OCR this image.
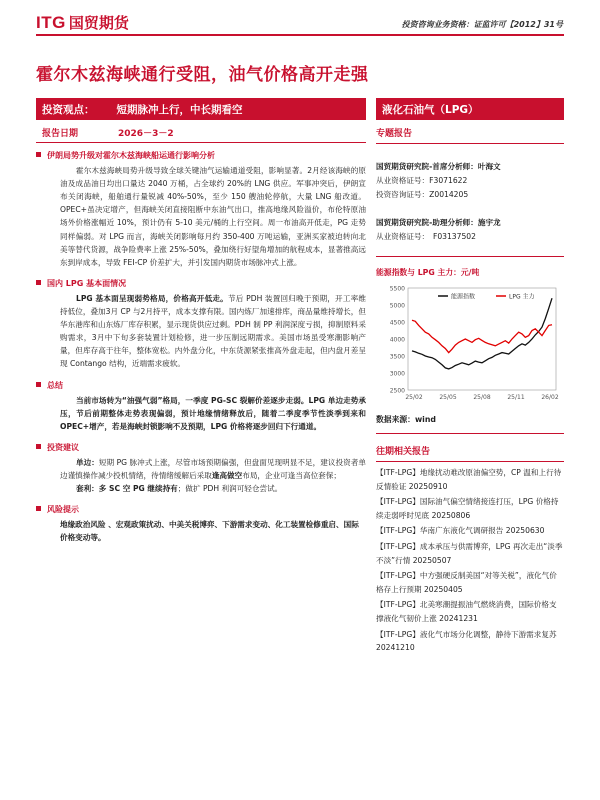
ITG 国贸期货	投资咨询业务资格：证监许可【2012】31号
霍尔木兹海峡通行受阻，油气价格高开走强
投资观点： 短期脉冲上行，中长期看空	液化石油气（LPG）
报告日期	2026－3－2
伊朗局势升级对霍尔木兹海峡船运通行影响分析
霍尔木兹海峡局势升级导致全球关键油气运输通道受阻，影响显著。2月经该海峡的原油及成品油日均出口量达 2040 万桶，占全球约 20%的 LNG 供应。军事冲突后，伊朗宣布关闭海峡，船舶通行量锐减 40%-50%，至少 150 艘油轮停航，大量 LNG 船改道。OPEC+虽决定增产，但海峡关闭直接阻断中东油气出口，推高地缘风险溢价，布伦特原油场外价格涨幅近 10%，预计仍有 5-10 美元/桶的上行空间。周一布油高开低走，PG 走势同样偏弱。对 LPG 而言，海峡关闭影响每月约 350-400 万吨运输，亚洲买家被迫转向北美等替代货源，战争险费率上涨 25%-50%，叠加绕行好望角增加的航程成本，显著推高远东到岸成本，导致 FEI-CP 价差扩大，并引发国内期货市场脉冲式上涨。
国内 LPG 基本面情况
LPG 基本面呈现弱势格局，价格高开低走。节后 PDH 装置回归晚于预期，开工率维持低位，叠加3月 CP 与2月持平，成本支撑有限。国内炼厂加速排库，商品量维持增长，但华东港库和山东炼厂库存积累，显示现货供应过剩。PDH 制 PP 利润深度亏损，抑制原料采购需求，3月中下旬多套装置计划检修，进一步压制远期需求。美国市场虽受寒潮影响产量，但库存高于往年，整体宽松。内外盘分化，中东货源紧张推高外盘走起，但内盘月差呈现 Contango 结构，近端需求疲软。
总结
当前市场转为“油强气弱”格局，一季度 PG-SC 裂解价差逐步走弱。LPG 单边走势承压，节后前期整体走势表现偏弱，预计地缘情绪释放后，随着二季度季节性淡季到来和 OPEC+增产，若是海峡封锁影响不及预期，LPG 价格将逐步回归下行通道。
投资建议
单边：短期 PG 脉冲式上涨，尽管市场预期偏强，但盘面见现明显不足，建议投资者单边谨慎操作减少投机情绪，待情绪缓解后采取逢高做空布局，企业可逢当高位套保；
套利：多 SC 空 PG 继续持有；做扩 PDH 利润可轻仓尝试。
风险提示
地缘政治风险 、宏观政策扰动、中美关税博弈、下游需求变动、化工装置检修重启、国际价格变动等。
专题报告
国贸期货研究院-首席分析师：叶海文
从业资格证号：F3071622
投资咨询证号：Z0014205
国贸期货研究院-助理分析师：施宇龙
从业资格证号：　F03137502
能源指数与 LPG 主力：元/吨
2500
3000
3500
4000
4500
5000
5500
25/02	25/05	25/08	25/11	26/02
能源指数	LPG 主力
数据来源：wind
往期相关报告
【ITF-LPG】地缘扰动难改原油偏空势，CP 温和上行待反情验证 20250910
【ITF-LPG】国际油气偏空情绪接连打压，LPG 价格持续走弱呼时见底 20250806
【ITF-LPG】华南广东液化气调研报告 20250630
【ITF-LPG】成本承压与供需博弈，LPG 再次走出“淡季不淡”行情 20250507
【ITF-LPG】中方强硬反制美国“对等关税”，液化气价格存上行预期 20250405
【ITF-LPG】北美寒潮提振油气燃烧消费，国际价格支撑液化气韧价上涨 20241231
【ITF-LPG】液化气市场分化调整，静待下游需求复苏 20241210
